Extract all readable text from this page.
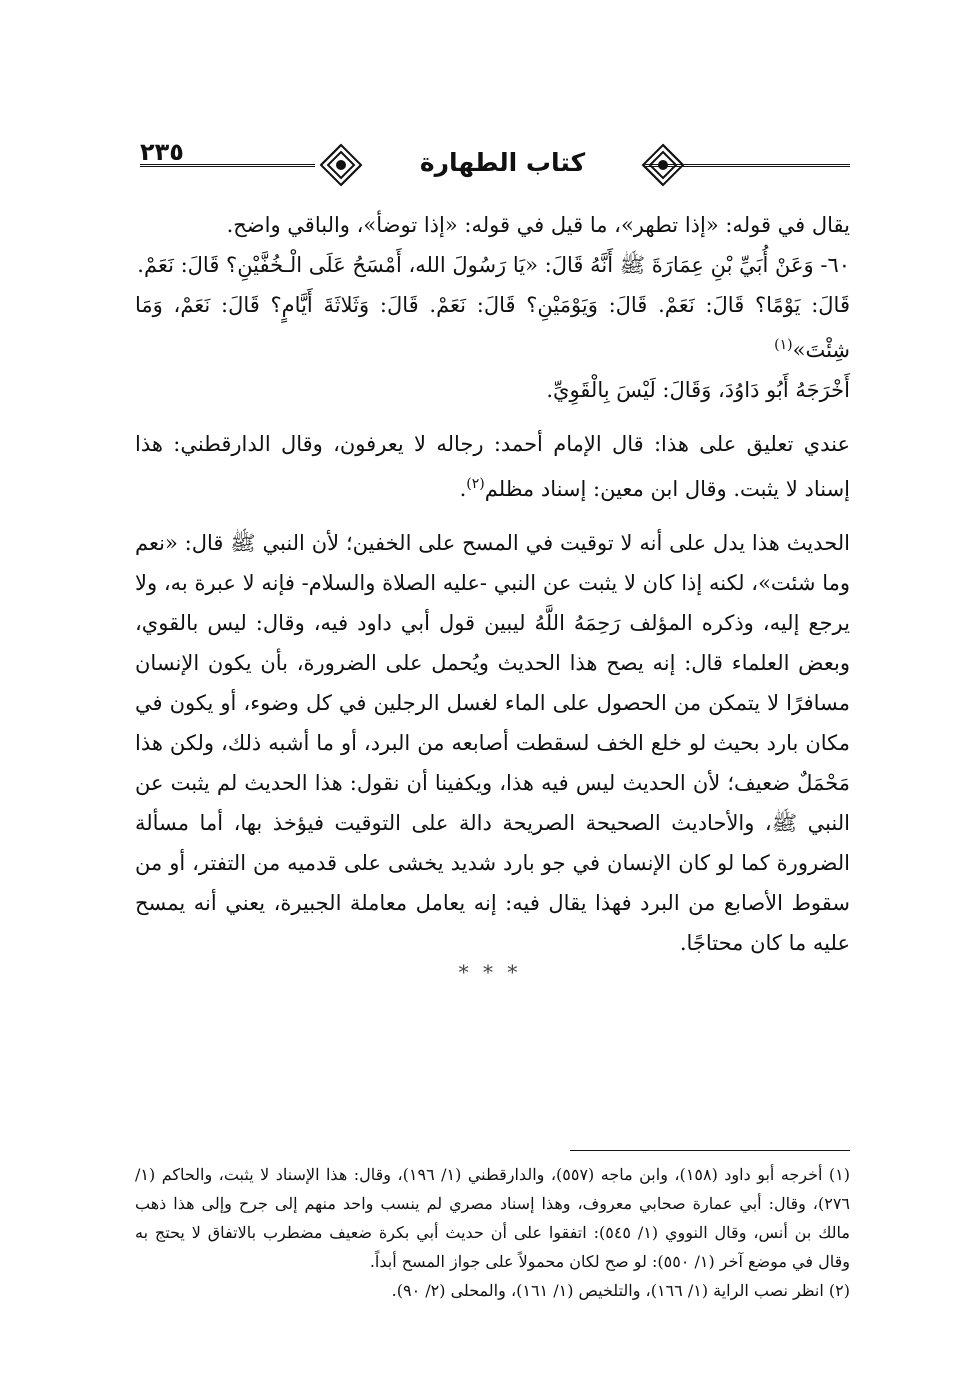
٢٣٥	كتاب الطهارة

يقال في قوله: «إذا تطهر»، ما قيل في قوله: «إذا توضأ»، والباقي واضح.

٦٠- وَعَنْ أُبَيِّ بْنِ عِمَارَةَ ﷺ أَنَّهُ قَالَ: «يَا رَسُولَ الله، أَمْسَحُ عَلَى الْـخُفَّيْنِ؟ قَالَ: نَعَمْ.

قَالَ: يَوْمًا؟ قَالَ: نَعَمْ. قَالَ: وَيَوْمَيْنِ؟ قَالَ: نَعَمْ. قَالَ: وَثَلاثَةَ أَيَّامٍ؟ قَالَ: نَعَمْ، وَمَا شِئْتَ»$^{(١)}$

أَخْرَجَهُ أَبُو دَاوُدَ، وَقَالَ: لَيْسَ بِالْقَوِيِّ.

عندي تعليق على هذا: قال الإمام أحمد: رجاله لا يعرفون، وقال الدارقطني: هذا إسناد لا يثبت. وقال ابن معين: إسناد مظلم$^{(٢)}$.

الحديث هذا يدل على أنه لا توقيت في المسح على الخفين؛ لأن النبي ﷺ قال: «نعم وما شئت»، لكنه إذا كان لا يثبت عن النبي -عليه الصلاة والسلام- فإنه لا عبرة به، ولا يرجع إليه، وذكره المؤلف رَحِمَهُ اللَّهُ ليبين قول أبي داود فيه، وقال: ليس بالقوي، وبعض العلماء قال: إنه يصح هذا الحديث ويُحمل على الضرورة، بأن يكون الإنسان مسافرًا لا يتمكن من الحصول على الماء لغسل الرجلين في كل وضوء، أو يكون في مكان بارد بحيث لو خلع الخف لسقطت أصابعه من البرد، أو ما أشبه ذلك، ولكن هذا مَحْمَلٌ ضعيف؛ لأن الحديث ليس فيه هذا، ويكفينا أن نقول: هذا الحديث لم يثبت عن النبي ﷺ، والأحاديث الصحيحة الصريحة دالة على التوقيت فيؤخذ بها، أما مسألة الضرورة كما لو كان الإنسان في جو بارد شديد يخشى على قدميه من التفتر، أو من سقوط الأصابع من البرد فهذا يقال فيه: إنه يعامل معاملة الجبيرة، يعني أنه يمسح عليه ما كان محتاجًا.

* * *

(١) أخرجه أبو داود (١٥٨)، وابن ماجه (٥٥٧)، والدارقطني (١/ ١٩٦)، وقال: هذا الإسناد لا يثبت، والحاكم (١/ ٢٧٦)، وقال: أبي عمارة صحابي معروف، وهذا إسناد مصري لم ينسب واحد منهم إلى جرح وإلى هذا ذهب مالك بن أنس، وقال النووي (١/ ٥٤٥): اتفقوا على أن حديث أبي بكرة ضعيف مضطرب بالاتفاق لا يحتج به وقال في موضع آخر (١/ ٥٥٠): لو صح لكان محمولاً على جواز المسح أبداً.

(٢) انظر نصب الراية (١/ ١٦٦)، والتلخيص (١/ ١٦١)، والمحلى (٢/ ٩٠).
